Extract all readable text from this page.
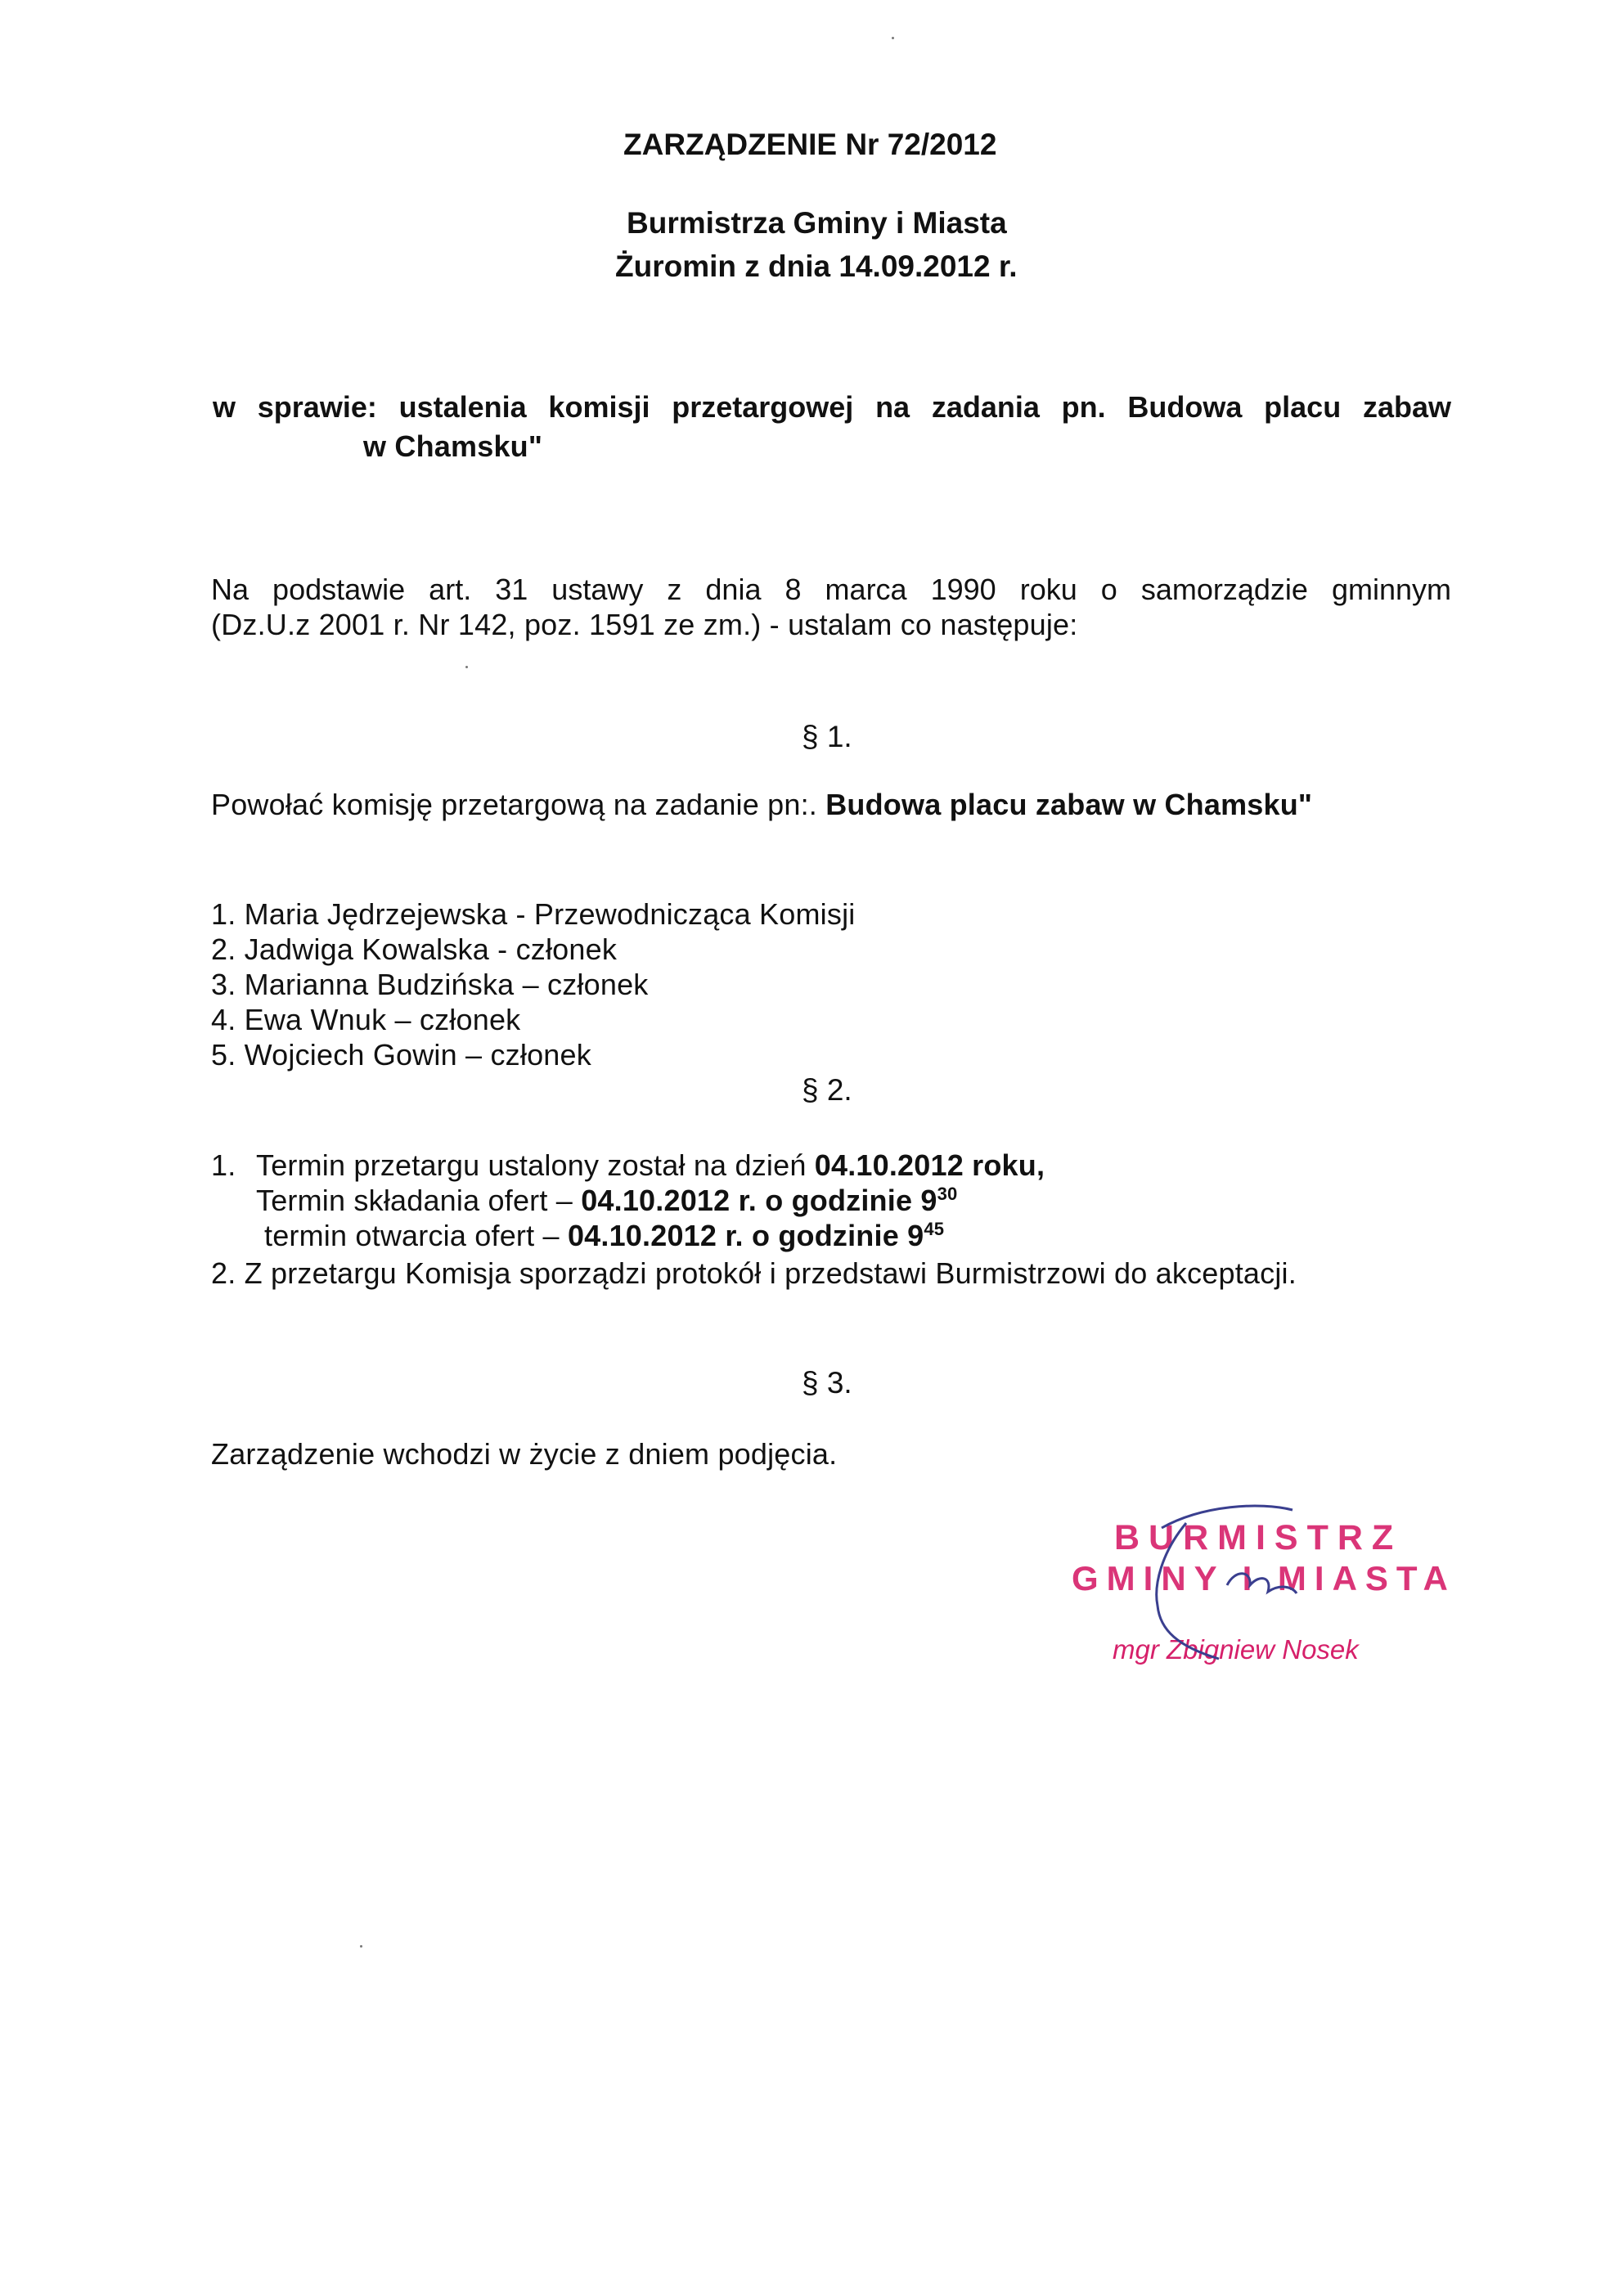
ZARZĄDZENIE Nr 72/2012
Burmistrza Gminy i Miasta
Żuromin z dnia 14.09.2012 r.
w sprawie: ustalenia komisji przetargowej na zadania pn. Budowa placu zabaw
w Chamsku"
Na podstawie art. 31 ustawy z dnia 8 marca 1990 roku o samorządzie gminnym
(Dz.U.z 2001 r. Nr 142, poz. 1591 ze zm.) - ustalam co następuje:
§ 1.
Powołać komisję przetargową na zadanie pn:. Budowa placu zabaw w Chamsku"
1. Maria Jędrzejewska - Przewodnicząca Komisji
2. Jadwiga Kowalska - członek
3. Marianna Budzińska – członek
4. Ewa Wnuk – członek
5. Wojciech Gowin – członek
§ 2.
1. Termin przetargu ustalony został na dzień 04.10.2012 roku,
Termin składania ofert – 04.10.2012 r. o godzinie $9^{30}$
termin otwarcia ofert – 04.10.2012 r. o godzinie $9^{45}$
2. Z przetargu Komisja sporządzi protokół i przedstawi Burmistrzowi do akceptacji.
§ 3.
Zarządzenie wchodzi w życie z dniem podjęcia.
BURMISTRZ
GMINY I MIASTA
mgr Zbigniew Nosek
